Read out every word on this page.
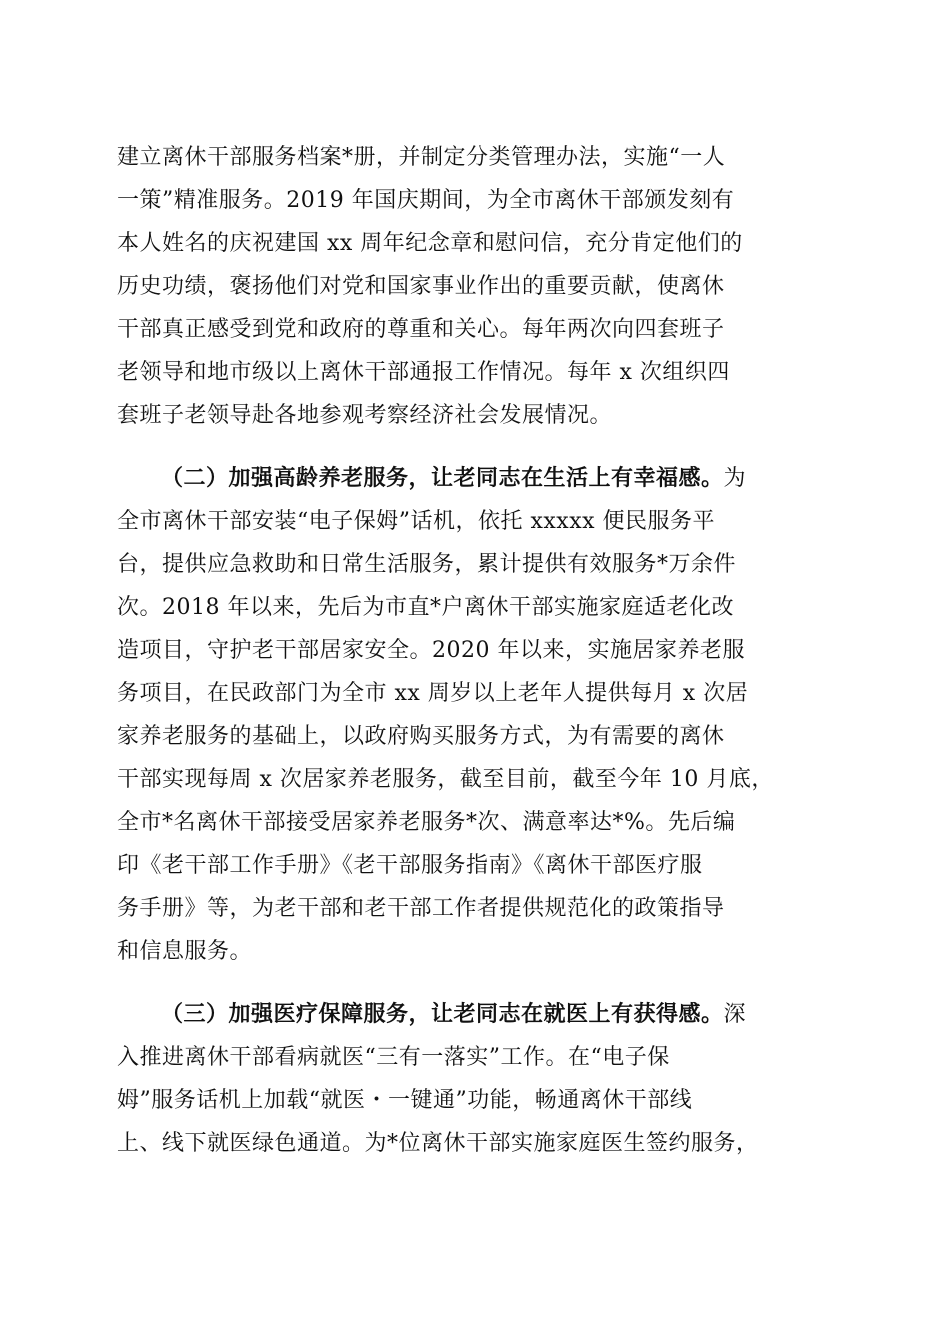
建立离休干部服务档案*册，并制定分类管理办法，实施“一人
一策”精准服务。2019 年国庆期间，为全市离休干部颁发刻有
本人姓名的庆祝建国 xx 周年纪念章和慰问信，充分肯定他们的
历史功绩，褒扬他们对党和国家事业作出的重要贡献，使离休
干部真正感受到党和政府的尊重和关心。每年两次向四套班子
老领导和地市级以上离休干部通报工作情况。每年 x 次组织四
套班子老领导赴各地参观考察经济社会发展情况。
（二）加强高龄养老服务，让老同志在生活上有幸福感。为
全市离休干部安装“电子保姆”话机，依托 xxxxx 便民服务平
台，提供应急救助和日常生活服务，累计提供有效服务*万余件
次。2018 年以来，先后为市直*户离休干部实施家庭适老化改
造项目，守护老干部居家安全。2020 年以来，实施居家养老服
务项目，在民政部门为全市 xx 周岁以上老年人提供每月 x 次居
家养老服务的基础上，以政府购买服务方式，为有需要的离休
干部实现每周 x 次居家养老服务，截至目前，截至今年 10 月底，
全市*名离休干部接受居家养老服务*次、满意率达*%。先后编
印《老干部工作手册》《老干部服务指南》《离休干部医疗服
务手册》等，为老干部和老干部工作者提供规范化的政策指导
和信息服务。
（三）加强医疗保障服务，让老同志在就医上有获得感。深
入推进离休干部看病就医“三有一落实”工作。在“电子保
姆”服务话机上加载“就医・一键通”功能，畅通离休干部线
上、线下就医绿色通道。为*位离休干部实施家庭医生签约服务，
